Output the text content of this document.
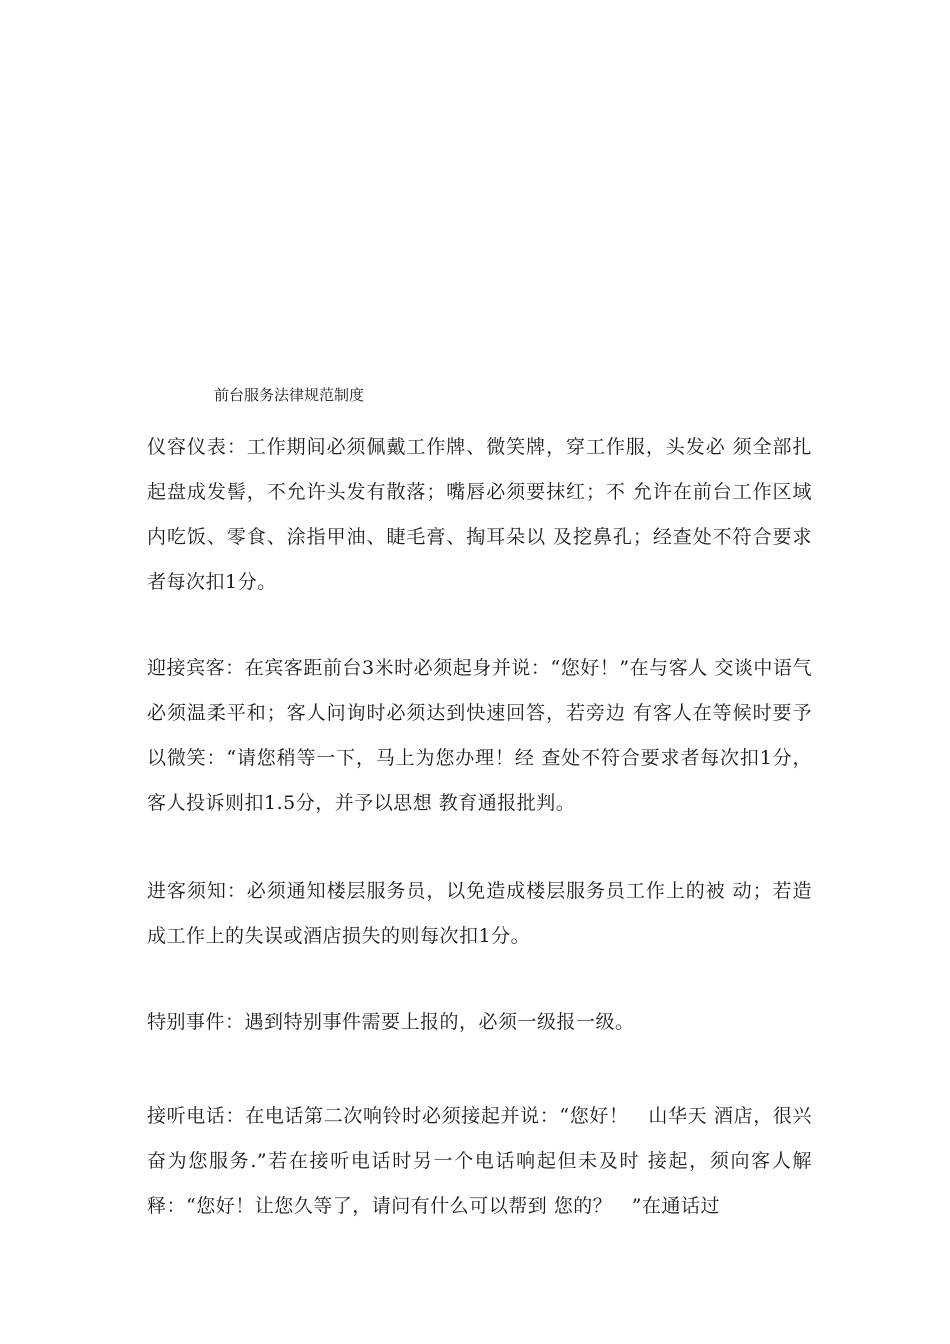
前台服务法律规范制度

仪容仪表：工作期间必须佩戴工作牌、微笑牌，穿工作服，头发必 须全部扎起盘成发髻，不允许头发有散落；嘴唇必须要抹红；不 允许在前台工作区域内吃饭、零食、涂指甲油、睫毛膏、掏耳朵以 及挖鼻孔；经查处不符合要求者每次扣1分。

迎接宾客：在宾客距前台3米时必须起身并说：“您好！”在与客人 交谈中语气必须温柔平和；客人问询时必须达到快速回答，若旁边 有客人在等候时要予以微笑：“请您稍等一下，马上为您办理！经 查处不符合要求者每次扣1分，客人投诉则扣1.5分，并予以思想 教育通报批判。

进客须知：必须通知楼层服务员，以免造成楼层服务员工作上的被 动；若造成工作上的失误或酒店损失的则每次扣1分。

特别事件：遇到特别事件需要上报的，必须一级报一级。

接听电话：在电话第二次响铃时必须接起并说：“您好！　山华天 酒店，很兴奋为您服务.”若在接听电话时另一个电话响起但未及时 接起，须向客人解释：“您好！让您久等了，请问有什么可以帮到 您的？　”在通话过
